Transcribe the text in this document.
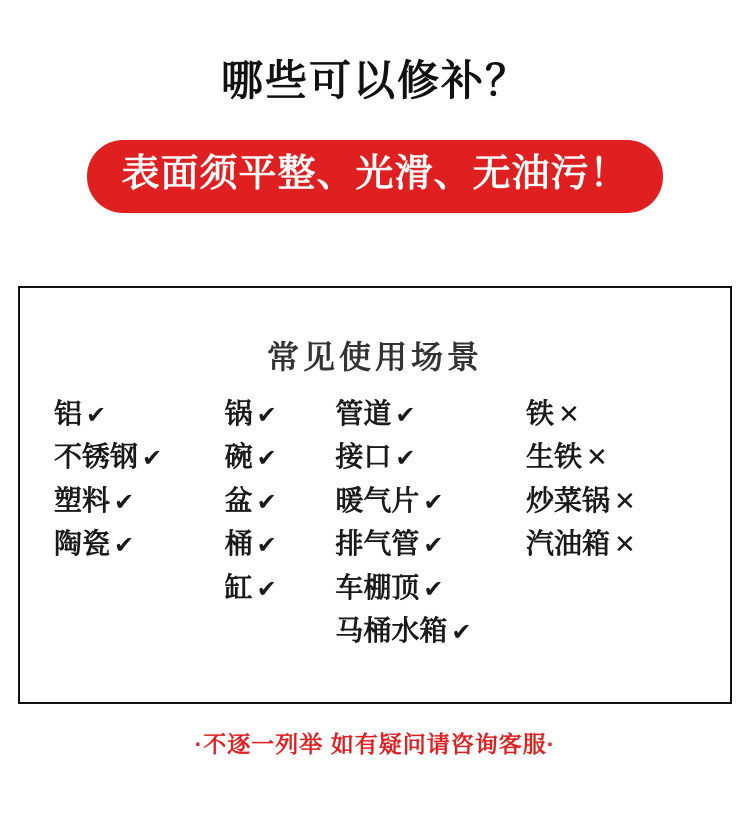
哪些可以修补？
表面须平整、光滑、无油污！
常见使用场景
铝 ✔
不锈钢 ✔
塑料 ✔
陶瓷 ✔
锅 ✔
碗 ✔
盆 ✔
桶 ✔
缸 ✔
管道 ✔
接口 ✔
暖气片 ✔
排气管 ✔
车棚顶 ✔
马桶水箱 ✔
铁 ✕
生铁 ✕
炒菜锅 ✕
汽油箱 ✕
·不逐一列举 如有疑问请咨询客服·
